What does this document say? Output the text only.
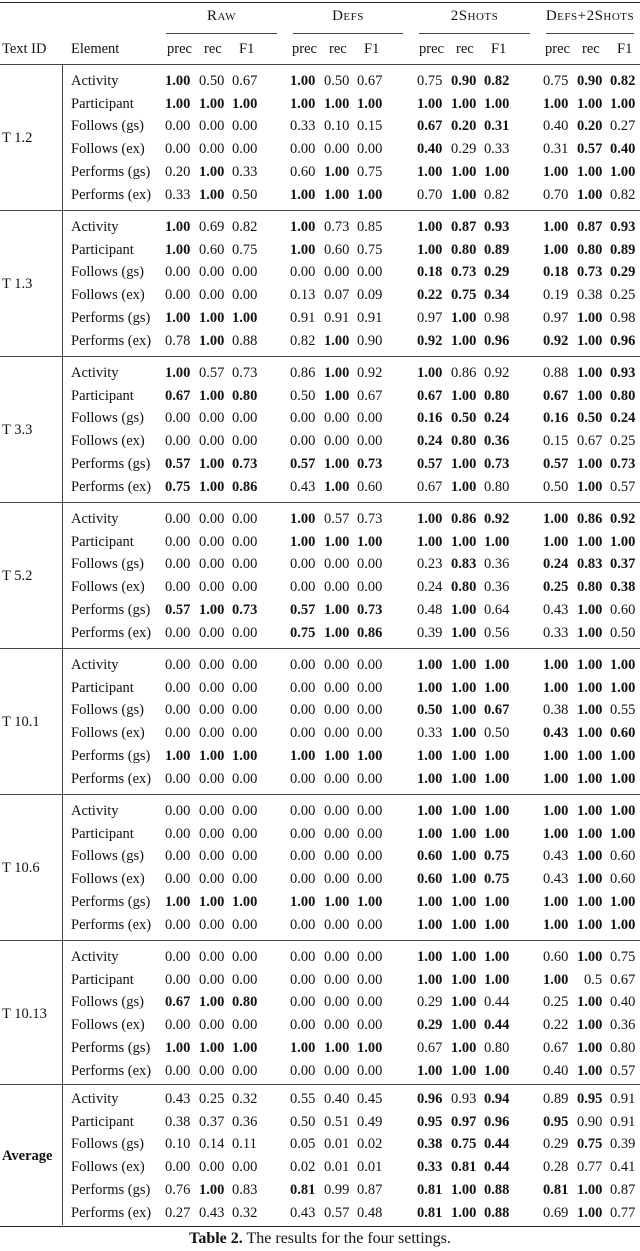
Text ID Element
Raw
prec rec F1
Defs
prec rec F1
2Shots
prec rec F1
Defs+2Shots
prec rec F1
T 1.2
Activity	1.00 0.50 0.67 1.00 0.50 0.67 0.75 0.90 0.82 0.75 0.90 0.82
Participant 1.00 1.00 1.00 1.00 1.00 1.00 1.00 1.00 1.00 1.00 1.00 1.00
Follows (gs) 0.00 0.00 0.00 0.33 0.10 0.15 0.67 0.20 0.31 0.40 0.20 0.27
Follows (ex) 0.00 0.00 0.00 0.00 0.00 0.00 0.40 0.29 0.33 0.31 0.57 0.40
Performs (gs) 0.20 1.00 0.33 0.60 1.00 0.75 1.00 1.00 1.00 1.00 1.00 1.00
Performs (ex) 0.33 1.00 0.50 1.00 1.00 1.00 0.70 1.00 0.82 0.70 1.00 0.82
T 1.3
Activity	1.00 0.69 0.82 1.00 0.73 0.85 1.00 0.87 0.93 1.00 0.87 0.93
Participant 1.00 0.60 0.75 1.00 0.60 0.75 1.00 0.80 0.89 1.00 0.80 0.89
Follows (gs) 0.00 0.00 0.00 0.00 0.00 0.00 0.18 0.73 0.29 0.18 0.73 0.29
Follows (ex) 0.00 0.00 0.00 0.13 0.07 0.09 0.22 0.75 0.34 0.19 0.38 0.25
Performs (gs) 1.00 1.00 1.00 0.91 0.91 0.91 0.97 1.00 0.98 0.97 1.00 0.98
Performs (ex) 0.78 1.00 0.88 0.82 1.00 0.90 0.92 1.00 0.96 0.92 1.00 0.96
T 3.3
Activity	1.00 0.57 0.73 0.86 1.00 0.92 1.00 0.86 0.92 0.88 1.00 0.93
Participant 0.67 1.00 0.80 0.50 1.00 0.67 0.67 1.00 0.80 0.67 1.00 0.80
Follows (gs) 0.00 0.00 0.00 0.00 0.00 0.00 0.16 0.50 0.24 0.16 0.50 0.24
Follows (ex) 0.00 0.00 0.00 0.00 0.00 0.00 0.24 0.80 0.36 0.15 0.67 0.25
Performs (gs) 0.57 1.00 0.73 0.57 1.00 0.73 0.57 1.00 0.73 0.57 1.00 0.73
Performs (ex) 0.75 1.00 0.86 0.43 1.00 0.60 0.67 1.00 0.80 0.50 1.00 0.57
T 5.2
Activity	0.00 0.00 0.00 1.00 0.57 0.73 1.00 0.86 0.92 1.00 0.86 0.92
Participant 0.00 0.00 0.00 1.00 1.00 1.00 1.00 1.00 1.00 1.00 1.00 1.00
Follows (gs) 0.00 0.00 0.00 0.00 0.00 0.00 0.23 0.83 0.36 0.24 0.83 0.37
Follows (ex) 0.00 0.00 0.00 0.00 0.00 0.00 0.24 0.80 0.36 0.25 0.80 0.38
Performs (gs) 0.57 1.00 0.73 0.57 1.00 0.73 0.48 1.00 0.64 0.43 1.00 0.60
Performs (ex) 0.00 0.00 0.00 0.75 1.00 0.86 0.39 1.00 0.56 0.33 1.00 0.50
T 10.1
Activity	0.00 0.00 0.00 0.00 0.00 0.00 1.00 1.00 1.00 1.00 1.00 1.00
Participant 0.00 0.00 0.00 0.00 0.00 0.00 1.00 1.00 1.00 1.00 1.00 1.00
Follows (gs) 0.00 0.00 0.00 0.00 0.00 0.00 0.50 1.00 0.67 0.38 1.00 0.55
Follows (ex) 0.00 0.00 0.00 0.00 0.00 0.00 0.33 1.00 0.50 0.43 1.00 0.60
Performs (gs) 1.00 1.00 1.00 1.00 1.00 1.00 1.00 1.00 1.00 1.00 1.00 1.00
Performs (ex) 0.00 0.00 0.00 0.00 0.00 0.00 1.00 1.00 1.00 1.00 1.00 1.00
T 10.6
Activity	0.00 0.00 0.00 0.00 0.00 0.00 1.00 1.00 1.00 1.00 1.00 1.00
Participant 0.00 0.00 0.00 0.00 0.00 0.00 1.00 1.00 1.00 1.00 1.00 1.00
Follows (gs) 0.00 0.00 0.00 0.00 0.00 0.00 0.60 1.00 0.75 0.43 1.00 0.60
Follows (ex) 0.00 0.00 0.00 0.00 0.00 0.00 0.60 1.00 0.75 0.43 1.00 0.60
Performs (gs) 1.00 1.00 1.00 1.00 1.00 1.00 1.00 1.00 1.00 1.00 1.00 1.00
Performs (ex) 0.00 0.00 0.00 0.00 0.00 0.00 1.00 1.00 1.00 1.00 1.00 1.00
T 10.13
Activity	0.00 0.00 0.00 0.00 0.00 0.00 1.00 1.00 1.00 0.60 1.00 0.75
Participant 0.00 0.00 0.00 0.00 0.00 0.00 1.00 1.00 1.00 1.00 0.5 0.67
Follows (gs) 0.67 1.00 0.80 0.00 0.00 0.00 0.29 1.00 0.44 0.25 1.00 0.40
Follows (ex) 0.00 0.00 0.00 0.00 0.00 0.00 0.29 1.00 0.44 0.22 1.00 0.36
Performs (gs) 1.00 1.00 1.00 1.00 1.00 1.00 0.67 1.00 0.80 0.67 1.00 0.80
Performs (ex) 0.00 0.00 0.00 0.00 0.00 0.00 1.00 1.00 1.00 0.40 1.00 0.57
Average
Activity	0.43 0.25 0.32 0.55 0.40 0.45 0.96 0.93 0.94 0.89 0.95 0.91
Participant 0.38 0.37 0.36 0.50 0.51 0.49 0.95 0.97 0.96 0.95 0.90 0.91
Follows (gs) 0.10 0.14 0.11 0.05 0.01 0.02 0.38 0.75 0.44 0.29 0.75 0.39
Follows (ex) 0.00 0.00 0.00 0.02 0.01 0.01 0.33 0.81 0.44 0.28 0.77 0.41
Performs (gs) 0.76 1.00 0.83 0.81 0.99 0.87 0.81 1.00 0.88 0.81 1.00 0.87
Performs (ex) 0.27 0.43 0.32 0.43 0.57 0.48 0.81 1.00 0.88 0.69 1.00 0.77
Table 2. The results for the four settings.
